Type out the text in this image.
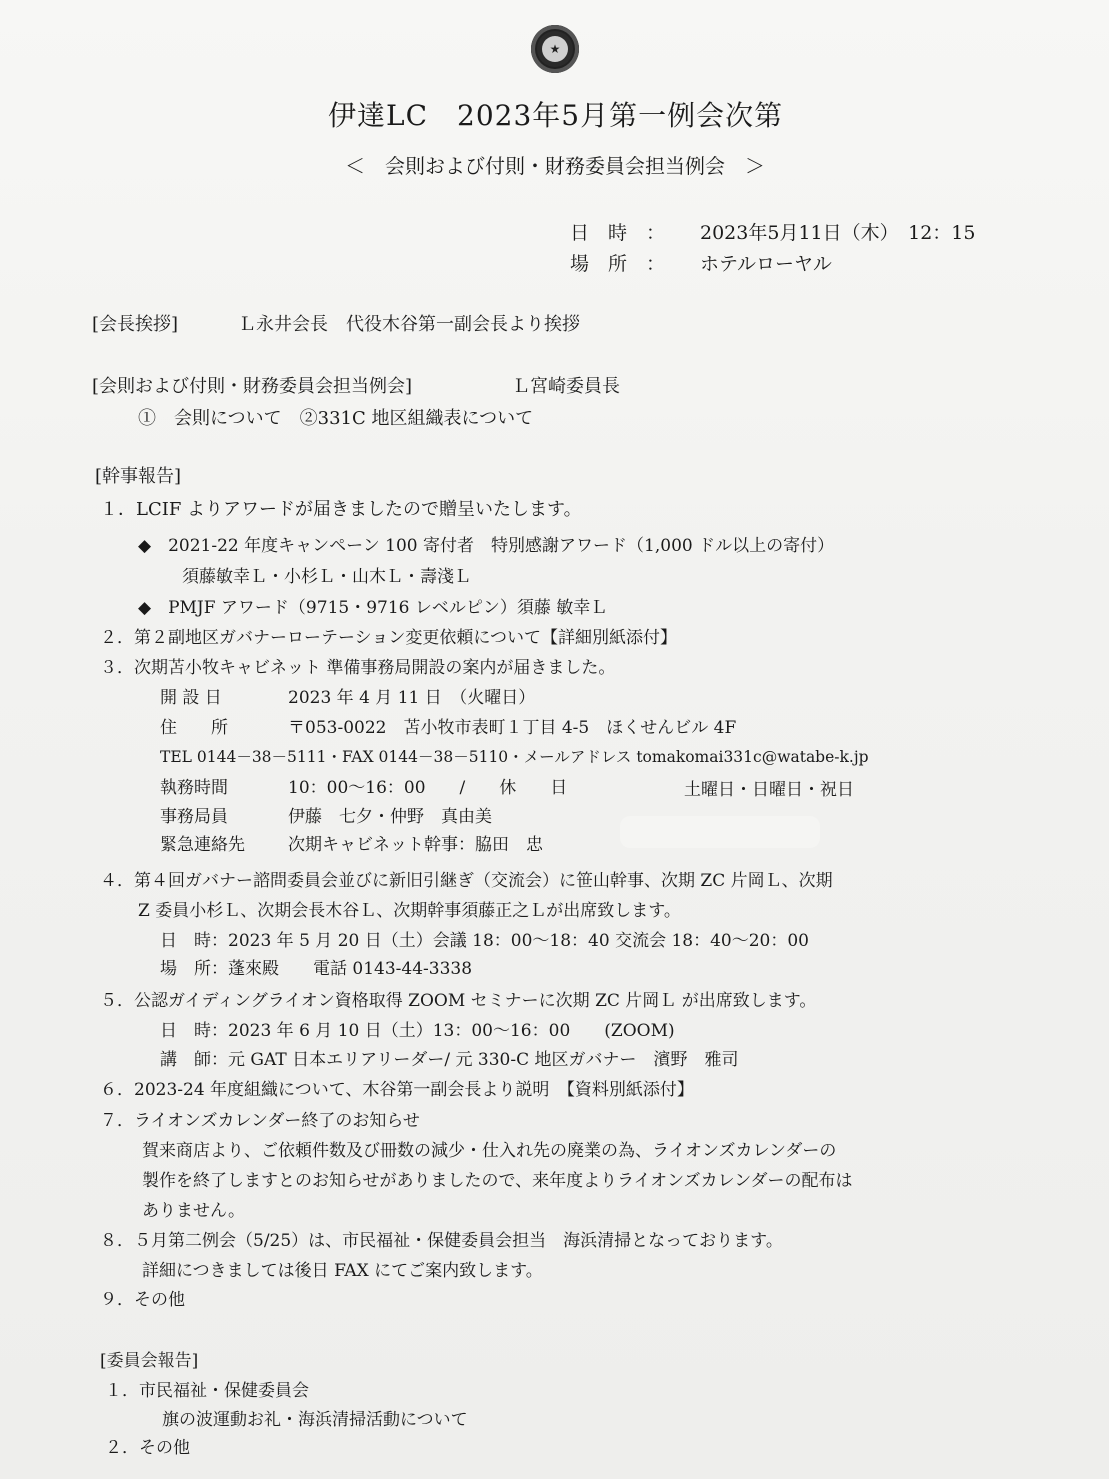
★
伊達LC　2023年5月第一例会次第
＜　会則および付則・財務委員会担当例会　＞
日　時　： 2023年5月11日（木）　12：15
場　所　： ホテルローヤル
[会長挨拶]	Ｌ永井会長　代役木谷第一副会長より挨拶
[会則および付則・財務委員会担当例会]	Ｌ宮崎委員長
①　会則について　②331C 地区組織表について
[幹事報告]
１．LCIF よりアワードが届きましたので贈呈いたします。
◆　2021-22 年度キャンペーン 100 寄付者　特別感謝アワード（1,000 ドル以上の寄付）
須藤敏幸Ｌ・小杉Ｌ・山木Ｌ・壽淺Ｌ
◆　PMJF アワード（9715・9716 レベルピン）須藤 敏幸Ｌ
２．第２副地区ガバナーローテーション変更依頼について【詳細別紙添付】
３．次期苫小牧キャビネット 準備事務局開設の案内が届きました。
開 設 日	2023 年 4 月 11 日　（火曜日）
住　　所	〒053-0022　苫小牧市表町１丁目 4-5　ほくせんビル 4F
TEL 0144－38－5111・FAX 0144－38－5110・メールアドレス tomakomai331c@watabe-k.jp
執務時間	10：00～16：00　　/　　休　　日	土曜日・日曜日・祝日
事務局員	伊藤　七夕・仲野　真由美
緊急連絡先	次期キャビネット幹事：脇田　忠
４．第４回ガバナー諮問委員会並びに新旧引継ぎ（交流会）に笹山幹事、次期 ZC 片岡Ｌ、次期
Z 委員小杉Ｌ、次期会長木谷Ｌ、次期幹事須藤正之Ｌが出席致します。
日　時：2023 年 5 月 20 日（土）会議 18：00～18：40 交流会 18：40～20：00
場　所：蓬來殿　　電話 0143-44-3338
５．公認ガイディングライオン資格取得 ZOOM セミナーに次期 ZC 片岡Ｌ が出席致します。
日　時：2023 年 6 月 10 日（土）13：00～16：00　　(ZOOM)
講　師：元 GAT 日本エリアリーダー/ 元 330-C 地区ガバナー　濱野　雅司
６．2023-24 年度組織について、木谷第一副会長より説明　【資料別紙添付】
７．ライオンズカレンダー終了のお知らせ
賀来商店より、ご依頼件数及び冊数の減少・仕入れ先の廃業の為、ライオンズカレンダーの
製作を終了しますとのお知らせがありましたので、来年度よりライオンズカレンダーの配布は
ありません。
８．５月第二例会（5/25）は、市民福祉・保健委員会担当　海浜清掃となっております。
詳細につきましては後日 FAX にてご案内致します。
９．その他
[委員会報告]
１．市民福祉・保健委員会
旗の波運動お礼・海浜清掃活動について
２．その他
